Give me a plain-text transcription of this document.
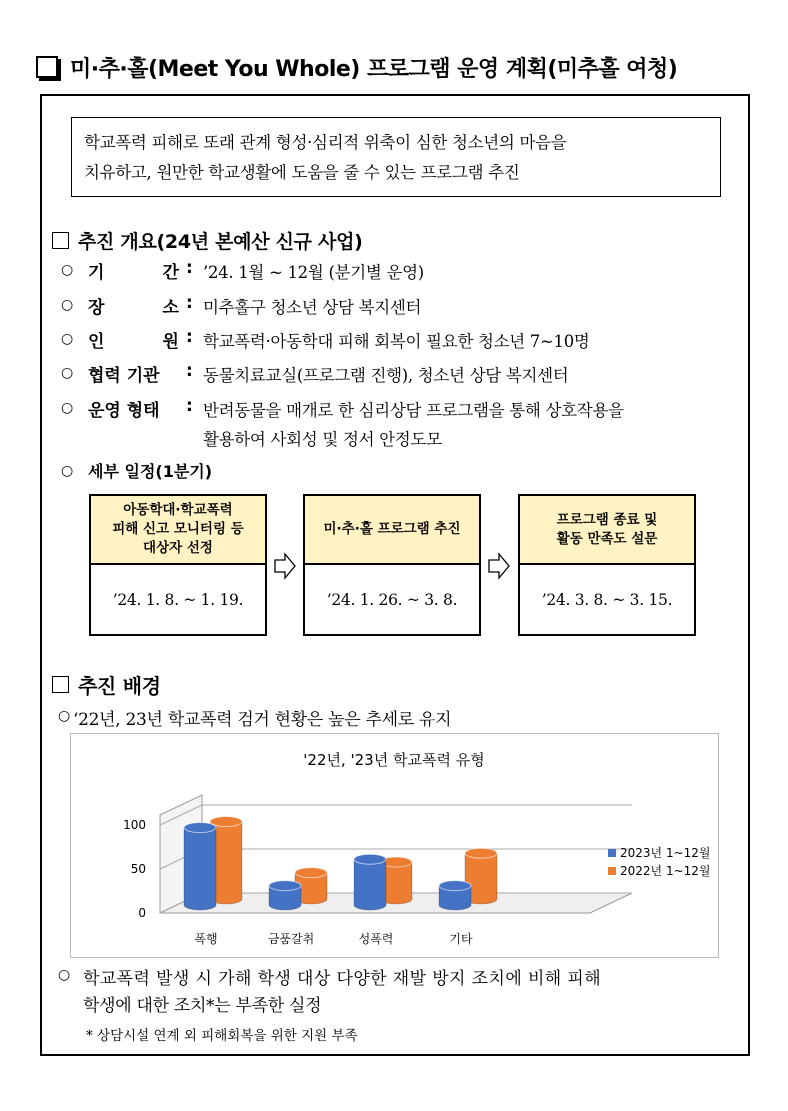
미·추·홀(Meet You Whole) 프로그램 운영 계획(미추홀 여청)
학교폭력 피해로 또래 관계 형성·심리적 위축이 심한 청소년의 마음을
치유하고, 원만한 학교생활에 도움을 줄 수 있는 프로그램 추진
추진 개요(24년 본예산 신규 사업)
○ 기	간 : ’24. 1월 ~ 12월 (분기별 운영)
○ 장	소 : 미추홀구 청소년 상담 복지센터
○ 인	원 : 학교폭력·아동학대 피해 회복이 필요한 청소년 7~10명
○ 협력 기관 : 동물치료교실(프로그램 진행), 청소년 상담 복지센터
○ 운영 형태 : 반려동물을 매개로 한 심리상담 프로그램을 통해 상호작용을
활용하여 사회성 및 정서 안정도모
○ 세부 일정(1분기)
아동학대·학교폭력
피해 신고 모니터링 등
대상자 선정
’24. 1. 8. ~ 1. 19.
미·추·홀 프로그램 추진
’24. 1. 26. ~ 3. 8.
프로그램 종료 및
활동 만족도 설문
’24. 3. 8. ~ 3. 15.
추진 배경
○ ‘22년, 23년 학교폭력 검거 현황은 높은 추세로 유지
'22년, '23년 학교폭력 유형
0
50
100
폭행	금품갈취	성폭력	기타
2023년 1~12월
2022년 1~12월
○ 학교폭력 발생 시 가해 학생 대상 다양한 재발 방지 조치에 비해 피해
학생에 대한 조치*는 부족한 실정
* 상담시설 연계 외 피해회복을 위한 지원 부족
